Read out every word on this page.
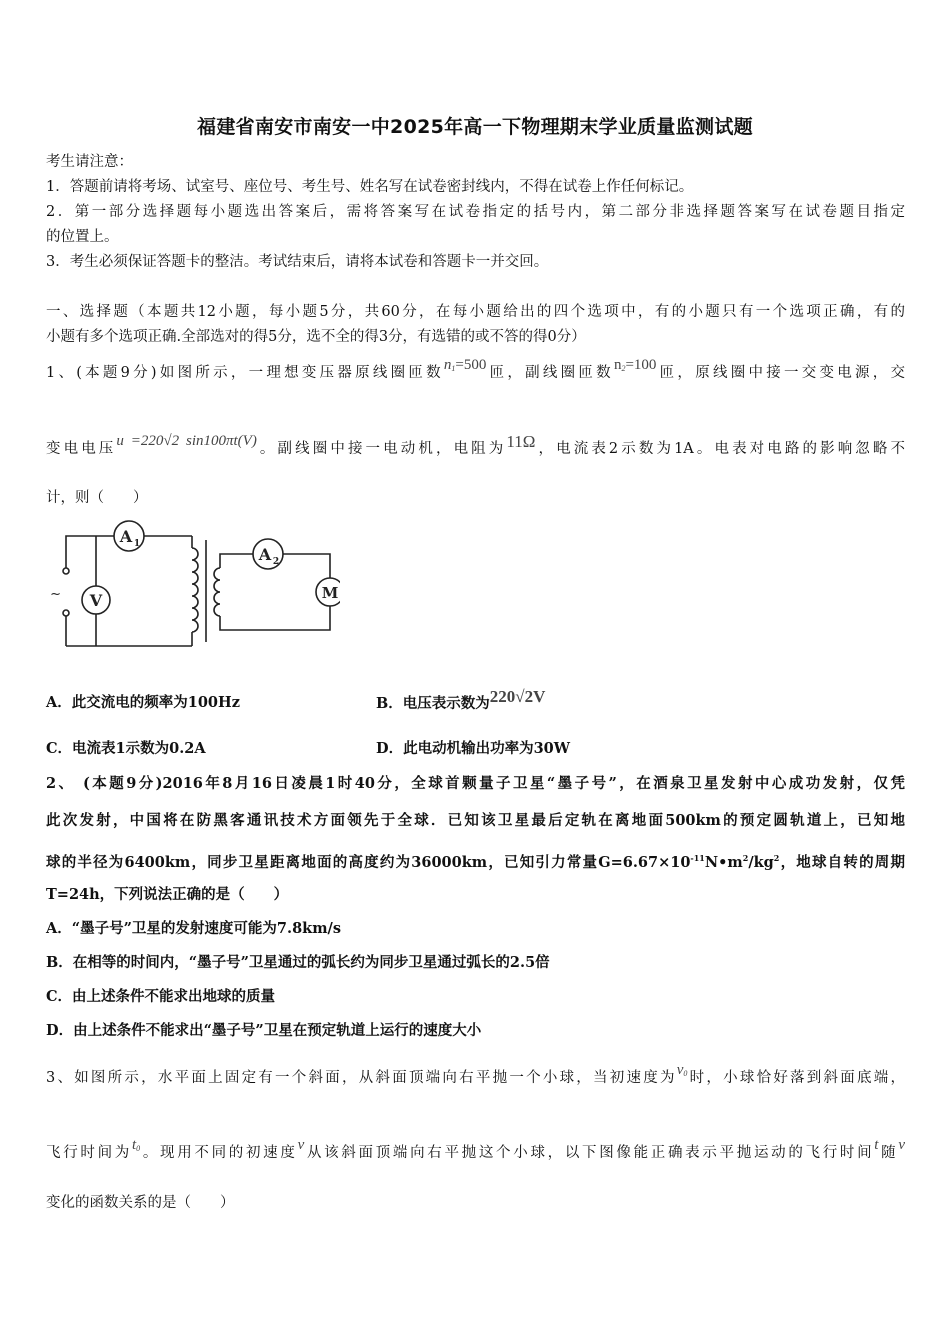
福建省南安市南安一中2025年高一下物理期末学业质量监测试题
考生请注意：
1．答题前请将考场、试室号、座位号、考生号、姓名写在试卷密封线内，不得在试卷上作任何标记。
2．第一部分选择题每小题选出答案后，需将答案写在试卷指定的括号内，第二部分非选择题答案写在试卷题目指定
的位置上。
3．考生必须保证答题卡的整洁。考试结束后，请将本试卷和答题卡一并交回。
一、选择题（本题共12小题，每小题5分，共60分，在每小题给出的四个选项中，有的小题只有一个选项正确，有的
小题有多个选项正确.全部选对的得5分，选不全的得3分，有选错的或不答的得0分）
1、(本题9分)如图所示，一理想变压器原线圈匝数$n_1=500$匝，副线圈匝数$n_2=100$匝，原线圈中接一交变电源，交
变电电压u =220√2 sin100πt(V)。副线圈中接一电动机，电阻为11Ω，电流表2示数为1A。电表对电路的影响忽略不
计，则（　　）
~
A 1
V
A 2
M
A．此交流电的频率为100Hz	B．电压表示数为220√2V
C．电流表1示数为0.2A	D．此电动机输出功率为30W
2、 (本题9分)2016年8月16日凌晨1时40分，全球首颗量子卫星“墨子号”，在酒泉卫星发射中心成功发射，仅凭
此次发射，中国将在防黑客通讯技术方面领先于全球．已知该卫星最后定轨在离地面500km的预定圆轨道上，已知地
球的半径为6400km，同步卫星距离地面的高度约为36000km，已知引力常量$G=6.67\times 10^{-11}N•m^2/kg^2$，地球自转的周期
T=24h，下列说法正确的是（　　）
A．“墨子号”卫星的发射速度可能为7.8km/s
B．在相等的时间内，“墨子号”卫星通过的弧长约为同步卫星通过弧长的2.5倍
C．由上述条件不能求出地球的质量
D．由上述条件不能求出“墨子号”卫星在预定轨道上运行的速度大小
3、如图所示，水平面上固定有一个斜面，从斜面顶端向右平抛一个小球，当初速度为$v_0$时，小球恰好落到斜面底端，
飞行时间为$t_0$。现用不同的初速度v从该斜面顶端向右平抛这个小球，以下图像能正确表示平抛运动的飞行时间t随v
变化的函数关系的是（　　）
